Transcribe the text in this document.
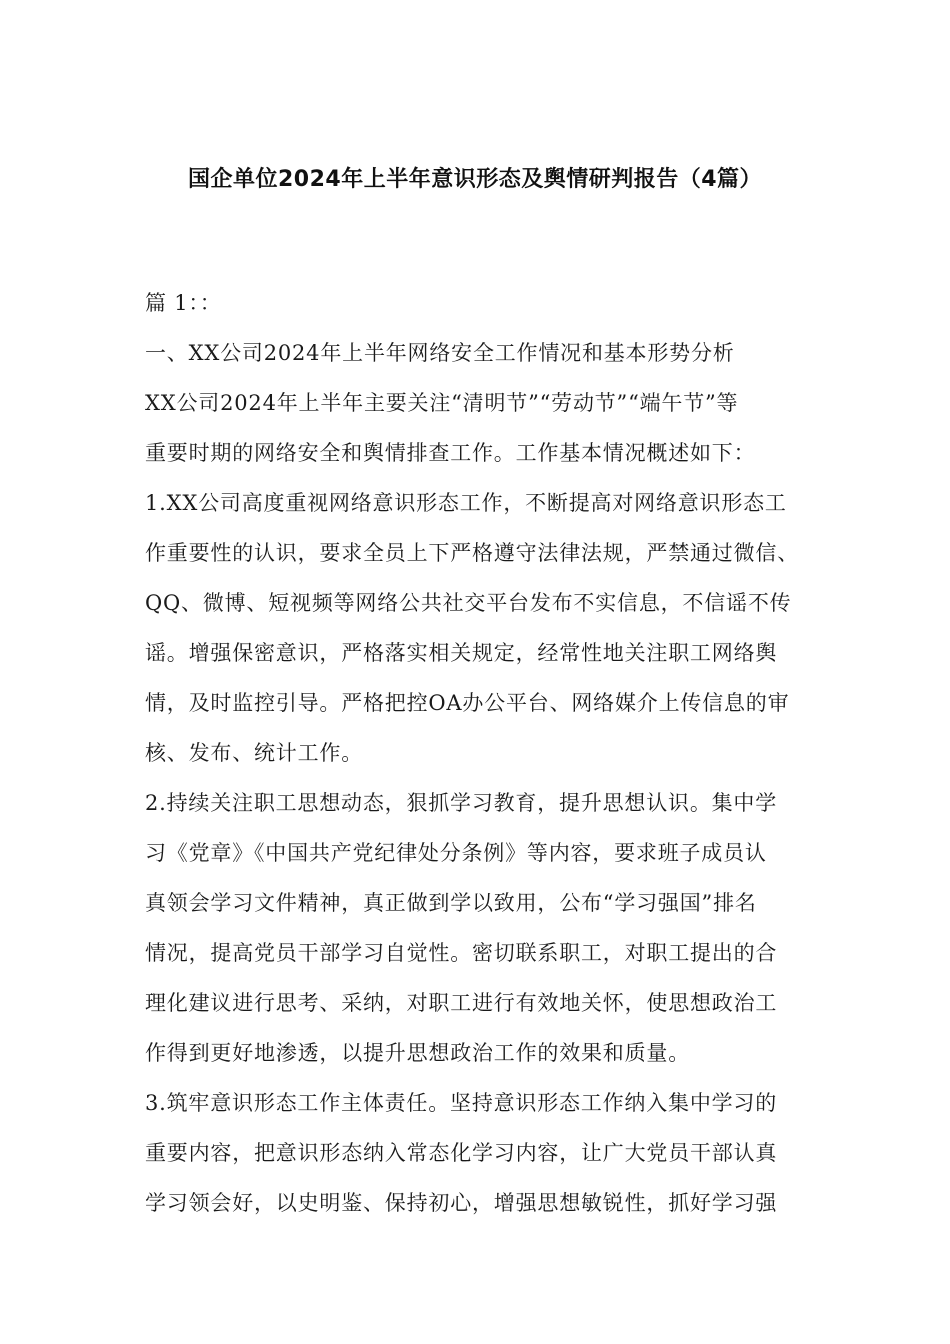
国企单位2024年上半年意识形态及舆情研判报告（4篇）
篇 1：：
一、XX公司2024年上半年网络安全工作情况和基本形势分析
XX公司2024年上半年主要关注“清明节”“劳动节”“端午节”等
重要时期的网络安全和舆情排查工作。工作基本情况概述如下：
1.XX公司高度重视网络意识形态工作，不断提高对网络意识形态工
作重要性的认识，要求全员上下严格遵守法律法规，严禁通过微信、
QQ、微博、短视频等网络公共社交平台发布不实信息，不信谣不传
谣。增强保密意识，严格落实相关规定，经常性地关注职工网络舆
情，及时监控引导。严格把控OA办公平台、网络媒介上传信息的审
核、发布、统计工作。
2.持续关注职工思想动态，狠抓学习教育，提升思想认识。集中学
习《党章》《中国共产党纪律处分条例》等内容，要求班子成员认
真领会学习文件精神，真正做到学以致用，公布“学习强国”排名
情况，提高党员干部学习自觉性。密切联系职工，对职工提出的合
理化建议进行思考、采纳，对职工进行有效地关怀，使思想政治工
作得到更好地渗透，以提升思想政治工作的效果和质量。
3.筑牢意识形态工作主体责任。坚持意识形态工作纳入集中学习的
重要内容，把意识形态纳入常态化学习内容，让广大党员干部认真
学习领会好，以史明鉴、保持初心，增强思想敏锐性，抓好学习强
